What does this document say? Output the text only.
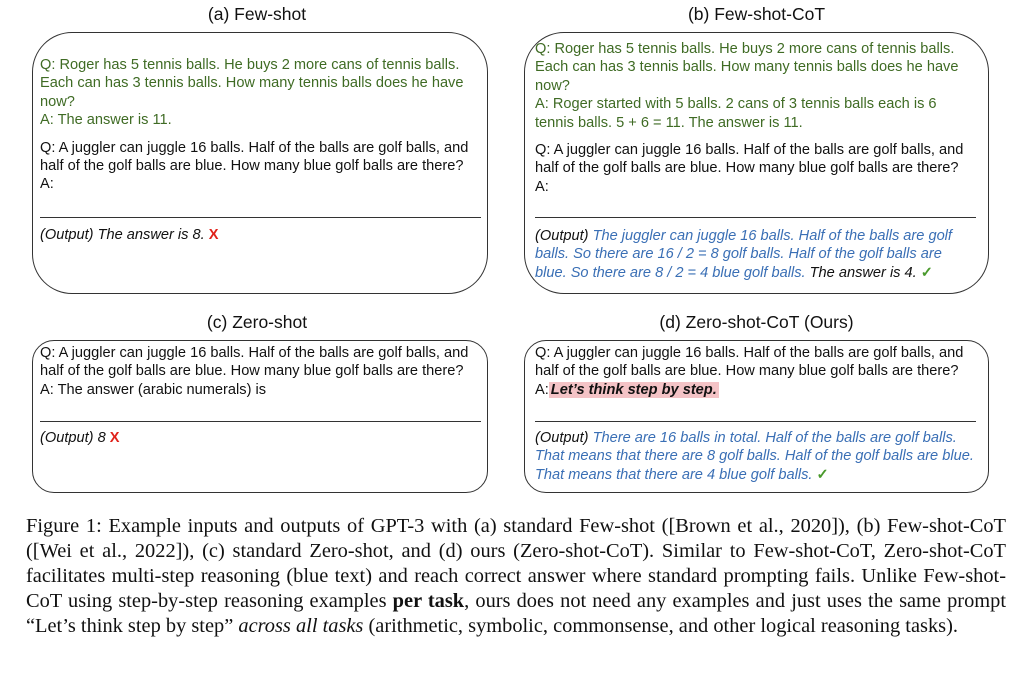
(a) Few-shot

Q: Roger has 5 tennis balls. He buys 2 more cans of tennis balls. Each can has 3 tennis balls. How many tennis balls does he have now?

A: The answer is 11.

Q: A juggler can juggle 16 balls. Half of the balls are golf balls, and half of the golf balls are blue. How many blue golf balls are there?

A:

(Output) The answer is 8. X

(b) Few-shot-CoT

Q: Roger has 5 tennis balls. He buys 2 more cans of tennis balls. Each can has 3 tennis balls. How many tennis balls does he have now?

A: Roger started with 5 balls. 2 cans of 3 tennis balls each is 6 tennis balls. 5 + 6 = 11. The answer is 11.

Q: A juggler can juggle 16 balls. Half of the balls are golf balls, and half of the golf balls are blue. How many blue golf balls are there?

A:

(Output) The juggler can juggle 16 balls. Half of the balls are golf balls. So there are 16 / 2 = 8 golf balls. Half of the golf balls are blue. So there are 8 / 2 = 4 blue golf balls. The answer is 4. ✓

(c) Zero-shot

Q: A juggler can juggle 16 balls. Half of the balls are golf balls, and half of the golf balls are blue. How many blue golf balls are there?

A: The answer (arabic numerals) is

(Output) 8 X

(d) Zero-shot-CoT (Ours)

Q: A juggler can juggle 16 balls. Half of the balls are golf balls, and half of the golf balls are blue. How many blue golf balls are there?

A: Let’s think step by step.

(Output) There are 16 balls in total. Half of the balls are golf balls. That means that there are 8 golf balls. Half of the golf balls are blue. That means that there are 4 blue golf balls. ✓

Figure 1: Example inputs and outputs of GPT-3 with (a) standard Few-shot ([Brown et al., 2020]), (b) Few-shot-CoT ([Wei et al., 2022]), (c) standard Zero-shot, and (d) ours (Zero-shot-CoT). Similar to Few-shot-CoT, Zero-shot-CoT facilitates multi-step reasoning (blue text) and reach correct answer where standard prompting fails. Unlike Few-shot-CoT using step-by-step reasoning examples per task, ours does not need any examples and just uses the same prompt “Let’s think step by step” across all tasks (arithmetic, symbolic, commonsense, and other logical reasoning tasks).
